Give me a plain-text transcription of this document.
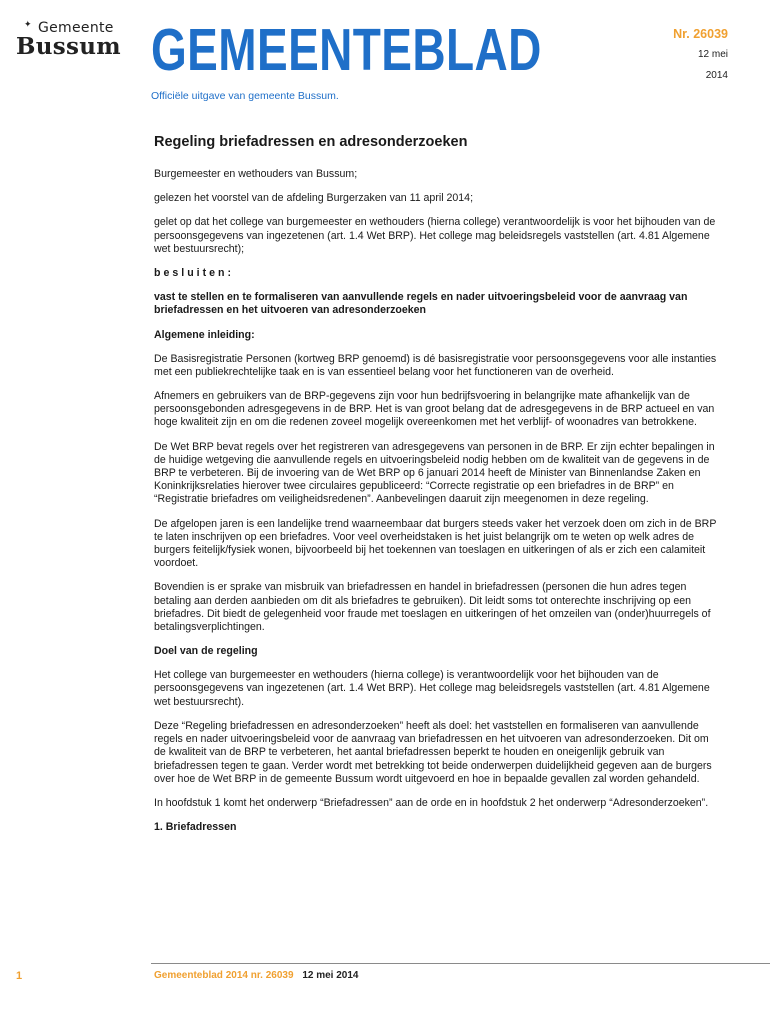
✦ Gemeente
Bussum GEMEENTEBLAD
Officiële uitgave van gemeente Bussum.
Nr. 26039
12 mei
2014
Regeling briefadressen en adresonderzoeken

Burgemeester en wethouders van Bussum;

gelezen het voorstel van de afdeling Burgerzaken van 11 april 2014;

gelet op dat het college van burgemeester en wethouders (hierna college) verantwoordelijk is voor het bijhouden van de persoonsgegevens van ingezetenen (art. 1.4 Wet BRP). Het college mag beleidsregels vaststellen (art. 4.81 Algemene wet bestuursrecht);

besluiten:

vast te stellen en te formaliseren van aanvullende regels en nader uitvoeringsbeleid voor de aanvraag van briefadressen en het uitvoeren van adresonderzoeken

Algemene inleiding:

De Basisregistratie Personen (kortweg BRP genoemd) is dé basisregistratie voor persoonsgegevens voor alle instanties met een publiekrechtelijke taak en is van essentieel belang voor het functioneren van de overheid.

Afnemers en gebruikers van de BRP-gegevens zijn voor hun bedrijfsvoering in belangrijke mate afhankelijk van de persoonsgebonden adresgegevens in de BRP. Het is van groot belang dat de adresgegevens in de BRP actueel en van hoge kwaliteit zijn en om die redenen zoveel mogelijk overeenkomen met het verblijf- of woonadres van betrokkene.

De Wet BRP bevat regels over het registreren van adresgegevens van personen in de BRP. Er zijn echter bepalingen in de huidige wetgeving die aanvullende regels en uitvoeringsbeleid nodig hebben om de kwaliteit van de gegevens in de BRP te verbeteren. Bij de invoering van de Wet BRP op 6 januari 2014 heeft de Minister van Binnenlandse Zaken en Koninkrijksrelaties hierover twee circulaires gepubliceerd: “Correcte registratie op een briefadres in de BRP” en “Registratie briefadres om veiligheidsredenen”. Aanbevelingen daaruit zijn meegenomen in deze regeling.

De afgelopen jaren is een landelijke trend waarneembaar dat burgers steeds vaker het verzoek doen om zich in de BRP te laten inschrijven op een briefadres. Voor veel overheidstaken is het juist belangrijk om te weten op welk adres de burgers feitelijk/fysiek wonen, bijvoorbeeld bij het toekennen van toeslagen en uitkeringen of als er zich een calamiteit voordoet.

Bovendien is er sprake van misbruik van briefadressen en handel in briefadressen (personen die hun adres tegen betaling aan derden aanbieden om dit als briefadres te gebruiken). Dit leidt soms tot onterechte inschrijving op een briefadres. Dit biedt de gelegenheid voor fraude met toeslagen en uitkeringen of het omzeilen van (onder)huurregels of betalingsverplichtingen.

Doel van de regeling

Het college van burgemeester en wethouders (hierna college) is verantwoordelijk voor het bijhouden van de persoonsgegevens van ingezetenen (art. 1.4 Wet BRP). Het college mag beleidsregels vaststellen (art. 4.81 Algemene wet bestuursrecht).

Deze “Regeling briefadressen en adresonderzoeken” heeft als doel: het vaststellen en formaliseren van aanvullende regels en nader uitvoeringsbeleid voor de aanvraag van briefadressen en het uitvoeren van adresonderzoeken. Dit om de kwaliteit van de BRP te verbeteren, het aantal briefadressen beperkt te houden en oneigenlijk gebruik van briefadressen tegen te gaan. Verder wordt met betrekking tot beide onderwerpen duidelijkheid gegeven aan de burgers over hoe de Wet BRP in de gemeente Bussum wordt uitgevoerd en hoe in bepaalde gevallen zal worden gehandeld.

In hoofdstuk 1 komt het onderwerp “Briefadressen” aan de orde en in hoofdstuk 2 het onderwerp “Adresonderzoeken”.

1. Briefadressen
1	Gemeenteblad 2014 nr. 26039 12 mei 2014
